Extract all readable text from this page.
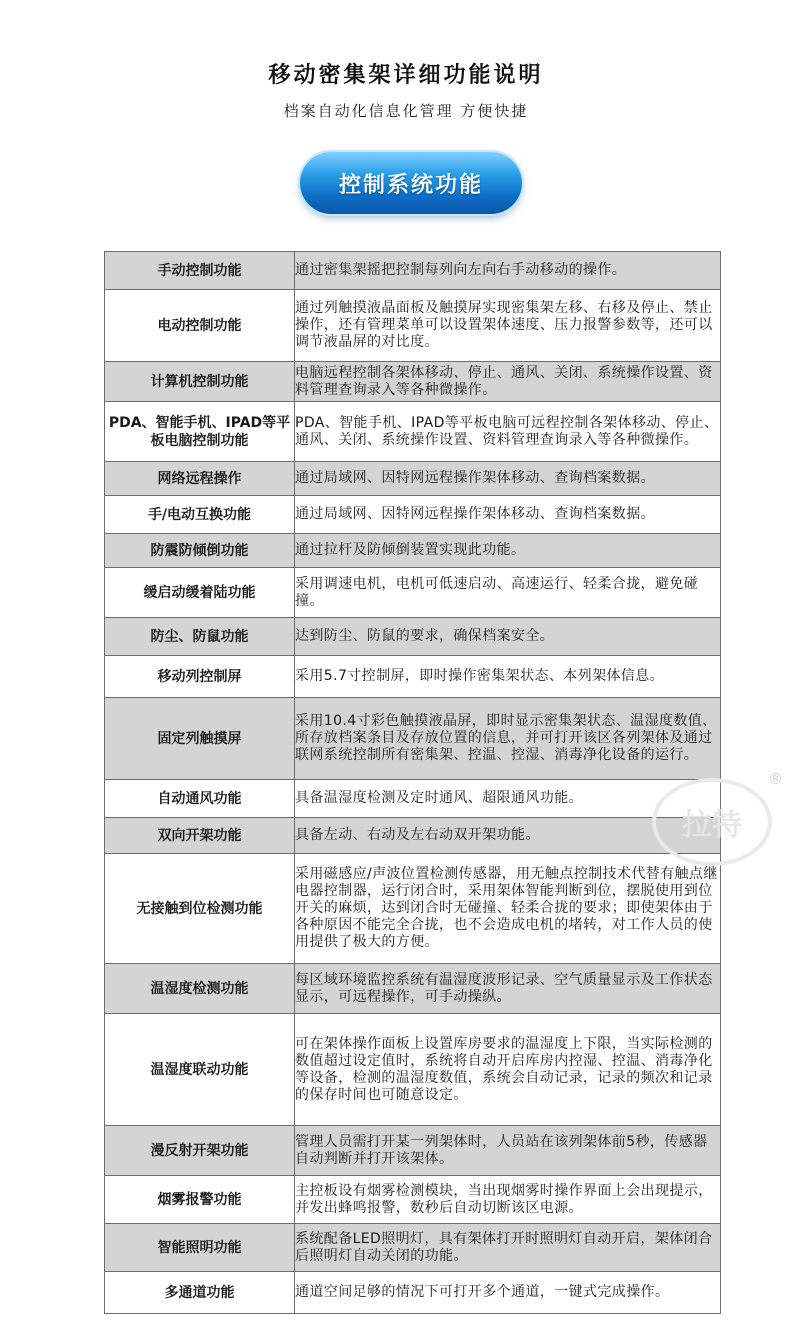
移动密集架详细功能说明
档案自动化信息化管理 方便快捷
控制系统功能
手动控制功能	通过密集架摇把控制每列向左向右手动移动的操作。
电动控制功能	通过列触摸液晶面板及触摸屏实现密集架左移、右移及停止、禁止操作，还有管理菜单可以设置架体速度、压力报警参数等，还可以调节液晶屏的对比度。
计算机控制功能	电脑远程控制各架体移动、停止、通风、关闭、系统操作设置、资料管理查询录入等各种微操作。
PDA、智能手机、IPAD等平板电脑控制功能	PDA、智能手机、IPAD等平板电脑可远程控制各架体移动、停止、通风、关闭、系统操作设置、资料管理查询录入等各种微操作。
网络远程操作	通过局域网、因特网远程操作架体移动、查询档案数据。
手/电动互换功能	通过局域网、因特网远程操作架体移动、查询档案数据。
防震防倾倒功能	通过拉杆及防倾倒装置实现此功能。
缓启动缓着陆功能	采用调速电机，电机可低速启动、高速运行、轻柔合拢，避免碰撞。
防尘、防鼠功能	达到防尘、防鼠的要求，确保档案安全。
移动列控制屏	采用5.7寸控制屏，即时操作密集架状态、本列架体信息。
固定列触摸屏	采用10.4寸彩色触摸液晶屏，即时显示密集架状态、温湿度数值、所存放档案条目及存放位置的信息，并可打开该区各列架体及通过联网系统控制所有密集架、控温、控湿、消毒净化设备的运行。
自动通风功能	具备温湿度检测及定时通风、超限通风功能。
双向开架功能	具备左动、右动及左右动双开架功能。
无接触到位检测功能	采用磁感应/声波位置检测传感器，用无触点控制技术代替有触点继电器控制器，运行闭合时，采用架体智能判断到位，摆脱使用到位开关的麻烦，达到闭合时无碰撞、轻柔合拢的要求；即使架体由于各种原因不能完全合拢，也不会造成电机的堵转，对工作人员的使用提供了极大的方便。
温湿度检测功能	每区域环境监控系统有温湿度波形记录、空气质量显示及工作状态显示，可远程操作，可手动操纵。
温湿度联动功能	可在架体操作面板上设置库房要求的温湿度上下限，当实际检测的数值超过设定值时，系统将自动开启库房内控湿、控温、消毒净化等设备，检测的温湿度数值，系统会自动记录，记录的频次和记录的保存时间也可随意设定。
漫反射开架功能	管理人员需打开某一列架体时，人员站在该列架体前5秒，传感器自动判断并打开该架体。
烟雾报警功能	主控板设有烟雾检测模块，当出现烟雾时操作界面上会出现提示，并发出蜂鸣报警，数秒后自动切断该区电源。
智能照明功能	系统配备LED照明灯，具有架体打开时照明灯自动开启，架体闭合后照明灯自动关闭的功能。
多通道功能	通道空间足够的情况下可打开多个通道，一键式完成操作。
拉特
®
